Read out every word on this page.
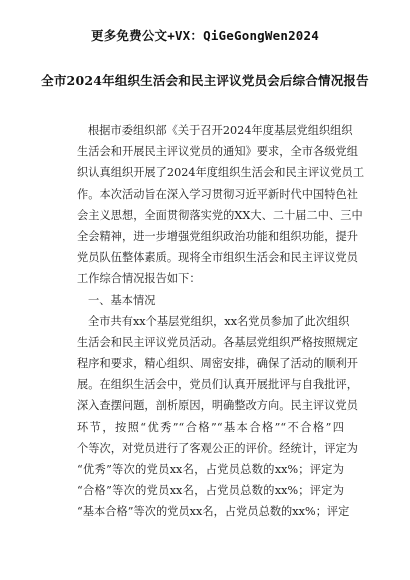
更多免费公文+VX：QiGeGongWen2024
全市2024年组织生活会和民主评议党员会后综合情况报告
根据市委组织部《关于召开2024年度基层党组织组织
生活会和开展民主评议党员的通知》要求，全市各级党组
织认真组织开展了2024年度组织生活会和民主评议党员工
作。本次活动旨在深入学习贯彻习近平新时代中国特色社
会主义思想，全面贯彻落实党的XX大、二十届二中、三中
全会精神，进一步增强党组织政治功能和组织功能，提升
党员队伍整体素质。现将全市组织生活会和民主评议党员
工作综合情况报告如下：
一、基本情况
全市共有xx个基层党组织，xx名党员参加了此次组织
生活会和民主评议党员活动。各基层党组织严格按照规定
程序和要求，精心组织、周密安排，确保了活动的顺利开
展。在组织生活会中，党员们认真开展批评与自我批评，
深入查摆问题，剖析原因，明确整改方向。民主评议党员
环节，按照“优秀”“合格”“基本合格”“不合格”四
个等次，对党员进行了客观公正的评价。经统计，评定为
“优秀”等次的党员xx名，占党员总数的xx%；评定为
“合格”等次的党员xx名，占党员总数的xx%；评定为
“基本合格”等次的党员xx名，占党员总数的xx%；评定
